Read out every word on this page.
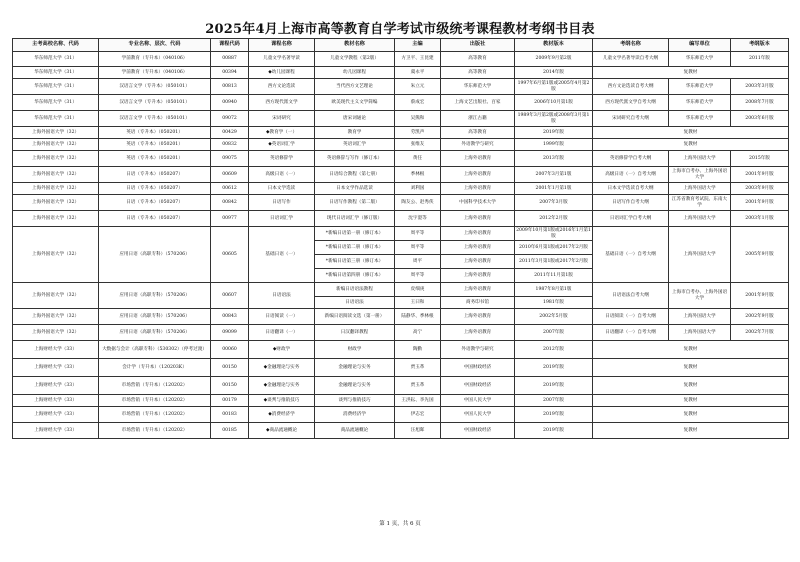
2025年4月上海市高等教育自学考试市级统考课程教材考纲书目表
主考高校名称、代码	专业名称、层次、代码	课程代码	课程名称	教材名称	主编	出版社	教材版本	考纲名称	编写单位	考纲版本
华东师范大学（31）	学前教育（专升本）（040106）	00887	儿童文学名著导读	儿童文学教程（第2版）	方卫平、王昆建	高等教育	2009年9月第2版	儿童文学名著导读自考大纲	华东师范大学	2011年版
华东师范大学（31）	学前教育（专升本）（040106）	00394	◆幼儿园课程	幼儿园课程	虞永平	高等教育	2014年版	复教材		
华东师范大学（31）	汉语言文学（专升本）（050101）	00813	西方文论选读	当代西方文艺理论	朱立元	华东师范大学	1997年6月第1版或2005年4月第2版	西方文论选读自考大纲	华东师范大学	2003年3月版
华东师范大学（31）	汉语言文学（专升本）（050101）	00940	西方现代派文学	欧美现代主义文学简编	蔡成宏	上海文艺出版社、百家	2006年10月第1版	西方现代派文学自考大纲	华东师范大学	2008年7月版
华东师范大学（31）	汉语言文学（专升本）（050101）	09072	宋词研究	唐宋词通论	吴熊和	浙江古籍	1989年3月第2版或2008年3月第1版	宋词研究自考大纲	华东师范大学	2003年6月版
上海外国语大学（32）	英语（专升本）（050201）	00429	◆教育学（一）	教育学	劳凯声	高等教育	2019年版	复教材		
上海外国语大学（32）	英语（专升本）（050201）	00832	◆英语词汇学	英语词汇学	张维友	外语教学与研究	1999年版	复教材		
上海外国语大学（32）	英语（专升本）（050201）	09075	英语修辞学	英语修辞与写作（修订本）	黄任	上海外语教育	2013年版	英语修辞学自考大纲	上海外国语大学	2015年版
上海外国语大学（32）	日语（专升本）（050207）	00609	高级日语（一）	日语综合教程（第七册）	季林根	上海外语教育	2007年3月第1版	高级日语（一）自考大纲	上海市自考办、上海外国语大学	2001年9月版
上海外国语大学（32）	日语（专升本）（050207）	00612	日本文学选读	日本文学作品选读	刘利国	上海外语教育	2001年1月第1版	日本文学选读自考大纲	上海外国语大学	2003年9月版
上海外国语大学（32）	日语（专升本）（050207）	00842	日语写作	日语写作教程（第二版）	陶友公、赵秀侠	中国科学技术大学	2007年3月版	日语写作自考大纲	江苏省教育考试院、东南大学	2001年9月版
上海外国语大学（32）	日语（专升本）（050207）	00977	日语词汇学	现代日语词汇学（修订版）	沈宇澄等	上海外语教育	2012年2月版	日语词汇学自考大纲	上海外国语大学	2003年1月版
上海外国语大学（32）	应用日语（高职专科）（570206）	00605	基础日语（一）	*新编日语第一册（修订本）	周平等	上海外语教育	2009年10月第1版或2016年1月第1版	基础日语（一）自考大纲	上海外国语大学	2005年9月版
				*新编日语第二册（修订本）	周平等	上海外语教育	2010年6月第1版或2017年2月版			
				*新编日语第三册（修订本）	周平	上海外语教育	2011年3月第1版或2017年2月版			
				*新编日语第四册（修订本）	周平等	上海外语教育	2011年11月第1版			
上海外国语大学（32）	应用日语（高职专科）（570206）	00607	日语语法	新编日语语法教程	皮细庚	上海外语教育	1987年8月第1版	日语语法自考大纲	上海市自考办、上海外国语大学	2001年9月版
				日语语法	王曰和	商务印书馆	1981年版			
上海外国语大学（32）	应用日语（高职专科）（570206）	00843	日语阅读（一）	新编日语阅读文选（第一册）	陆静华、季林根	上海外语教育	2002年5月版	日语阅读（一）自考大纲	上海外国语大学	2002年9月版
上海外国语大学（32）	应用日语（高职专科）（570206）	09099	日语翻译（一）	日汉翻译教程	高宁	上海外语教育	2007年版	日语翻译（一）自考大纲	上海外国语大学	2002年7月版
上海财经大学（33）	大数据与会计（高职专科）（530302）（停考过渡）	00060	◆财政学	财政学	陶勤	外语教学与研究	2012年版	复教材		
上海财经大学（33）	会计学（专升本）（120203K）	00150	◆金融理论与实务	金融理论与实务	贾玉革	中国财政经济	2019年版	复教材		
上海财经大学（33）	市场营销（专升本）（120202）	00150	◆金融理论与实务	金融理论与实务	贾玉革	中国财政经济	2019年版	复教材		
上海财经大学（33）	市场营销（专升本）（120202）	00179	◆谈判与推销技巧	谈判与推销技巧	王洪耘、李先国	中国人民大学	2007年版	复教材		
上海财经大学（33）	市场营销（专升本）（120202）	00183	◆消费经济学	消费经济学	伊志宏	中国人民大学	2019年版	复教材		
上海财经大学（33）	市场营销（专升本）（120202）	00185	◆商品流通概论	商品流通概论	汪旭晖	中国财政经济	2019年版	复教材		
第 1 页，共 6 页
